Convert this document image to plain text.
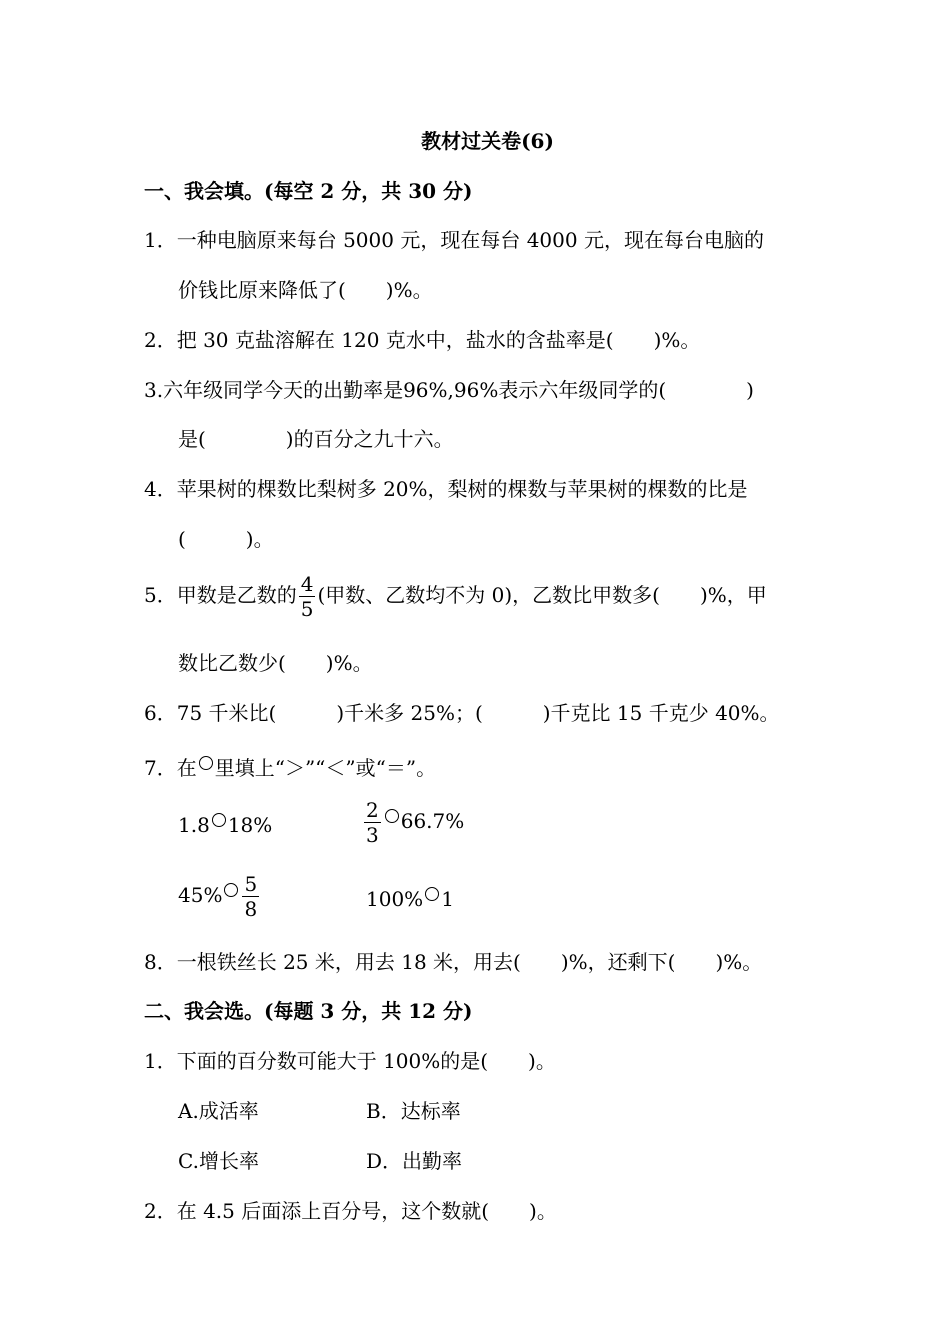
教材过关卷(6)
一、我会填。(每空 2 分，共 30 分)
1．一种电脑原来每台 5000 元，现在每台 4000 元，现在每台电脑的
价钱比原来降低了(　　)%。
2．把 30 克盐溶解在 120 克水中，盐水的含盐率是(　　)%。
3.六年级同学今天的出勤率是96%,96%表示六年级同学的(　　　　)
是(　　　　)的百分之九十六。
4．苹果树的棵数比梨树多 20%，梨树的棵数与苹果树的棵数的比是
(　　　)。
5．甲数是乙数的 $\frac{4}{5}$ (甲数、乙数均不为 0)，乙数比甲数多(　　)%，甲
数比乙数少(　　)%。
6．75 千米比(　　　)千米多 25%；(　　　)千克比 15 千克少 40%。
7．在 里填上“＞”“＜”或“＝”。
1.8 18%	$\frac{2}{3} 66.7\%$
$45\% \frac{5}{8}$	100% 1
8．一根铁丝长 25 米，用去 18 米，用去(　　)%，还剩下(　　)%。
二、我会选。(每题 3 分，共 12 分)
1．下面的百分数可能大于 100%的是(　　)。
A.成活率	B．达标率
C.增长率	D．出勤率
2．在 4.5 后面添上百分号，这个数就(　　)。
